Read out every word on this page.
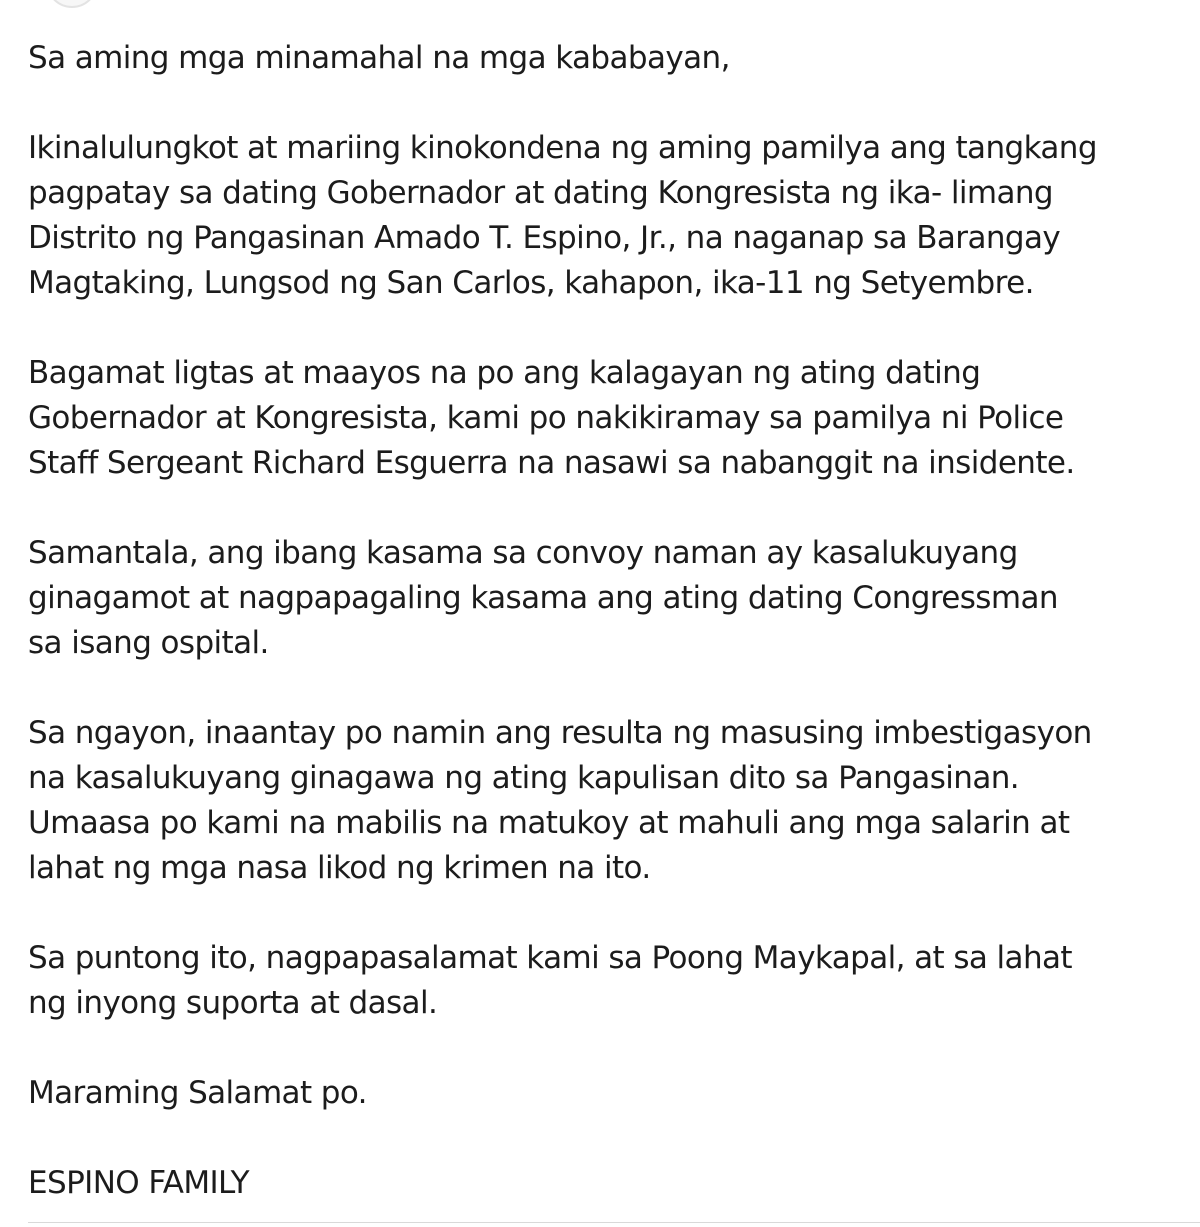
Sa aming mga minamahal na mga kababayan,
Ikinalulungkot at mariing kinokondena ng aming pamilya ang tangkang
pagpatay sa dating Gobernador at dating Kongresista ng ika- limang
Distrito ng Pangasinan Amado T. Espino, Jr., na naganap sa Barangay
Magtaking, Lungsod ng San Carlos, kahapon, ika-11 ng Setyembre.
Bagamat ligtas at maayos na po ang kalagayan ng ating dating
Gobernador at Kongresista, kami po nakikiramay sa pamilya ni Police
Staff Sergeant Richard Esguerra na nasawi sa nabanggit na insidente.
Samantala, ang ibang kasama sa convoy naman ay kasalukuyang
ginagamot at nagpapagaling kasama ang ating dating Congressman
sa isang ospital.
Sa ngayon, inaantay po namin ang resulta ng masusing imbestigasyon
na kasalukuyang ginagawa ng ating kapulisan dito sa Pangasinan.
Umaasa po kami na mabilis na matukoy at mahuli ang mga salarin at
lahat ng mga nasa likod ng krimen na ito.
Sa puntong ito, nagpapasalamat kami sa Poong Maykapal, at sa lahat
ng inyong suporta at dasal.
Maraming Salamat po.
ESPINO FAMILY
